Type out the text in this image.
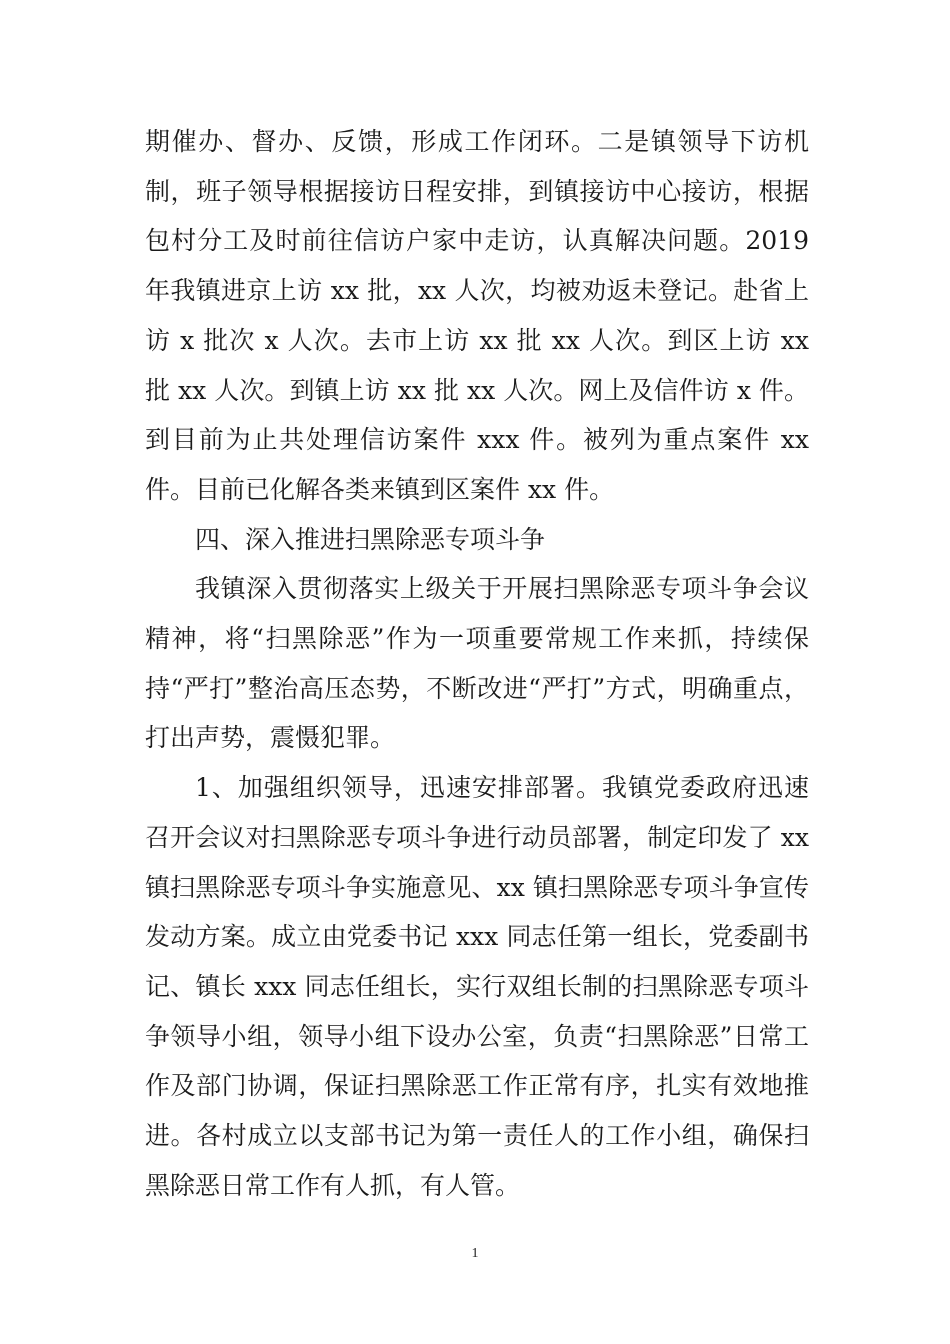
期催办、督办、反馈，形成工作闭环。二是镇领导下访机制，班子领导根据接访日程安排，到镇接访中心接访，根据包村分工及时前往信访户家中走访，认真解决问题。2019 年我镇进京上访 xx 批，xx 人次，均被劝返未登记。赴省上访 x 批次 x 人次。去市上访 xx 批 xx 人次。到区上访 xx 批 xx 人次。到镇上访 xx 批 xx 人次。网上及信件访 x 件。到目前为止共处理信访案件 xxx 件。被列为重点案件 xx 件。目前已化解各类来镇到区案件 xx 件。

四、深入推进扫黑除恶专项斗争

我镇深入贯彻落实上级关于开展扫黑除恶专项斗争会议精神，将“扫黑除恶”作为一项重要常规工作来抓，持续保持“严打”整治高压态势，不断改进“严打”方式，明确重点，打出声势，震慑犯罪。

1、加强组织领导，迅速安排部署。我镇党委政府迅速召开会议对扫黑除恶专项斗争进行动员部署，制定印发了 xx 镇扫黑除恶专项斗争实施意见、xx 镇扫黑除恶专项斗争宣传发动方案。成立由党委书记 xxx 同志任第一组长，党委副书记、镇长 xxx 同志任组长，实行双组长制的扫黑除恶专项斗争领导小组，领导小组下设办公室，负责“扫黑除恶”日常工作及部门协调，保证扫黑除恶工作正常有序，扎实有效地推进。各村成立以支部书记为第一责任人的工作小组，确保扫黑除恶日常工作有人抓，有人管。

1
